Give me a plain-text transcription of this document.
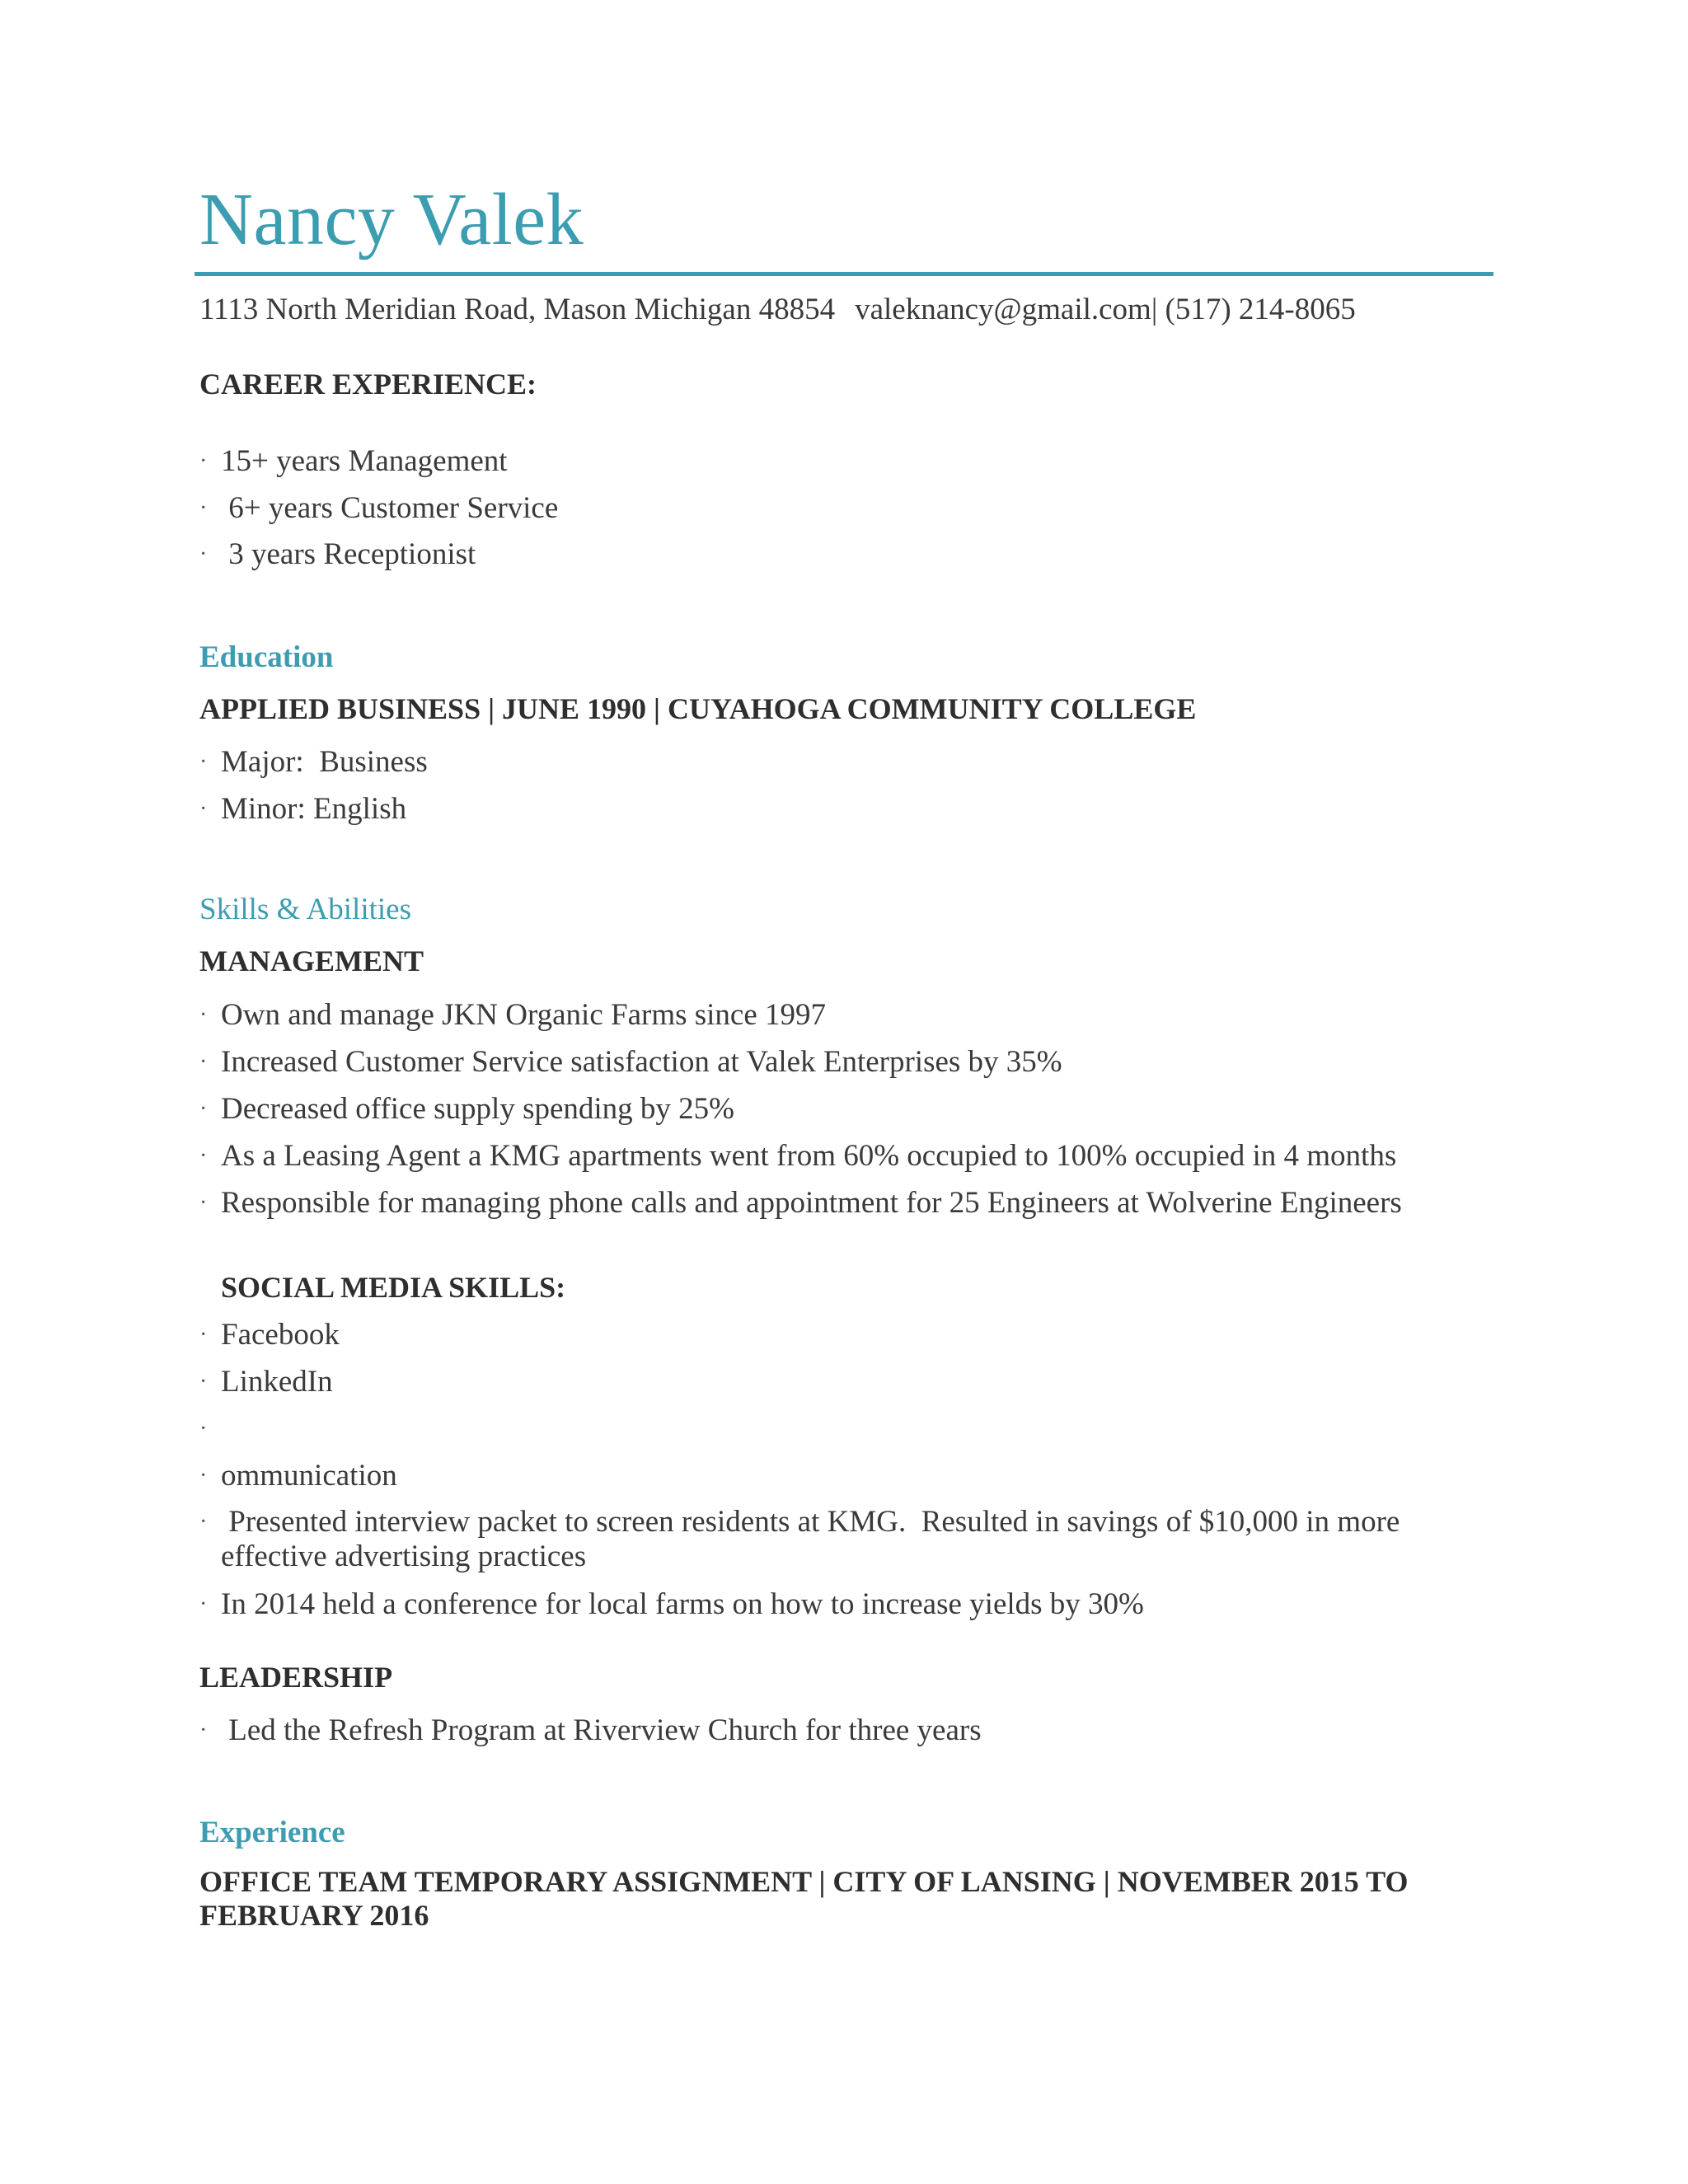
Nancy Valek
1113 North Meridian Road, Mason Michigan 48854 valeknancy@gmail.com| (517) 214-8065
CAREER EXPERIENCE:
· 15+ years Management
· 6+ years Customer Service
· 3 years Receptionist
Education
APPLIED BUSINESS | JUNE 1990 | CUYAHOGA COMMUNITY COLLEGE
· Major:  Business
· Minor: English
Skills & Abilities
MANAGEMENT
· Own and manage JKN Organic Farms since 1997
· Increased Customer Service satisfaction at Valek Enterprises by 35%
· Decreased office supply spending by 25%
· As a Leasing Agent a KMG apartments went from 60% occupied to 100% occupied in 4 months
· Responsible for managing phone calls and appointment for 25 Engineers at Wolverine Engineers
SOCIAL MEDIA SKILLS:
· Facebook
· LinkedIn
·
· ommunication
· Presented interview packet to screen residents at KMG.  Resulted in savings of $10,000 in more effective advertising practices
· In 2014 held a conference for local farms on how to increase yields by 30%
LEADERSHIP
· Led the Refresh Program at Riverview Church for three years
Experience
OFFICE TEAM TEMPORARY ASSIGNMENT | CITY OF LANSING | NOVEMBER 2015 TO FEBRUARY 2016
